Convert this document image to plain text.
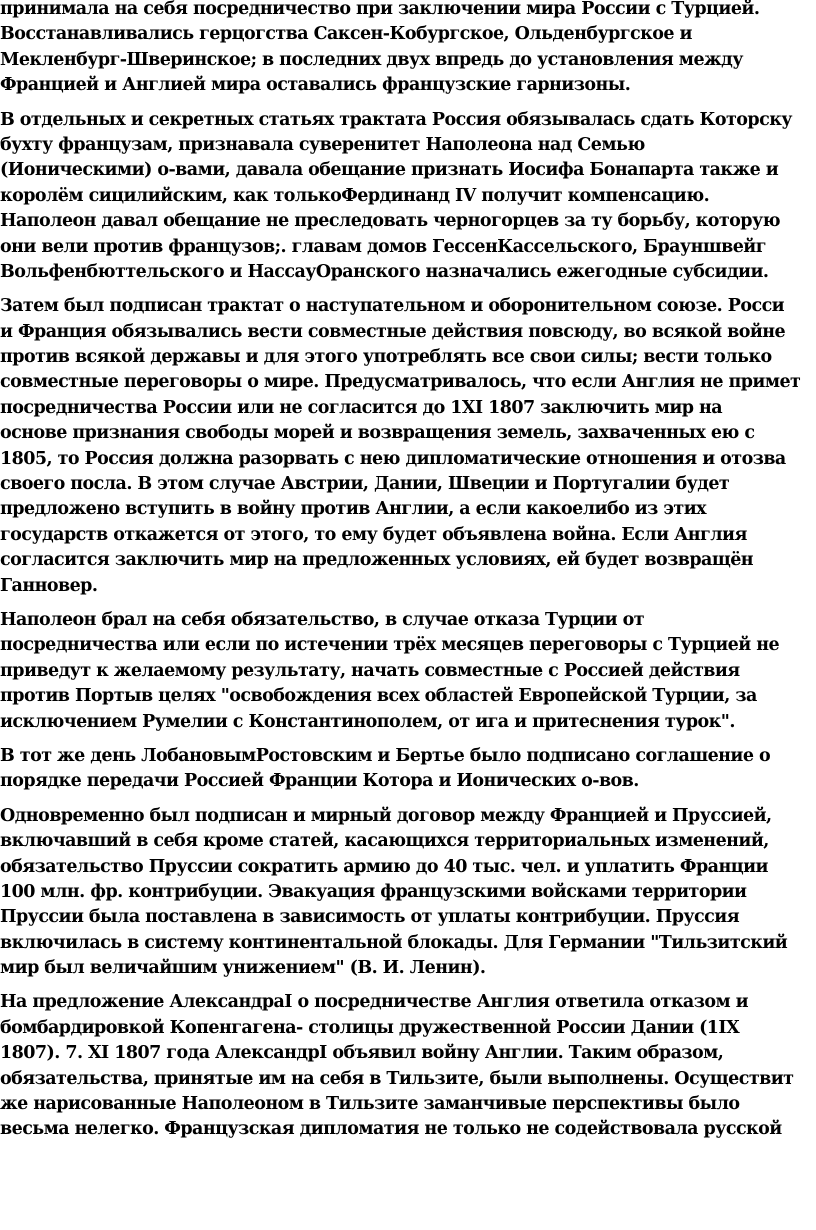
принимала на себя посредничество при заключении мира России с Турцией.
Восстанавливались герцогства Саксен-Кобургское, Ольденбургское и
Мекленбург-Шверинское; в последних двух впредь до установления между
Францией и Англией мира оставались французские гарнизоны.

В отдельных и секретных статьях трактата Россия обязывалась сдать Которску
бухту французам, признавала суверенитет Наполеона над Семью
(Ионическими) о-вами, давала обещание признать Иосифа Бонапарта также и
королём сицилийским, как толькоФердинанд IV получит компенсацию.
Наполеон давал обещание не преследовать черногорцев за ту борьбу, которую
они вели против французов;. главам домов ГессенКассельского, Брауншвейг
Вольфенбюттельского и НассауОранского назначались ежегодные субсидии.

Затем был подписан трактат о наступательном и оборонительном союзе. Росси
и Франция обязывались вести совместные действия повсюду, во всякой войне
против всякой державы и для этого употреблять все свои силы; вести только
совместные переговоры о мире. Предусматривалось, что если Англия не примет
посредничества России или не согласится до 1XI 1807 заключить мир на
основе признания свободы морей и возвращения земель, захваченных ею с
1805, то Россия должна разорвать с нею дипломатические отношения и отозва
своего посла. В этом случае Австрии, Дании, Швеции и Португалии будет
предложено вступить в войну против Англии, а если какоелибо из этих
государств откажется от этого, то ему будет объявлена война. Если Англия
согласится заключить мир на предложенных условиях, ей будет возвращён
Ганновер.

Наполеон брал на себя обязательство, в случае отказа Турции от
посредничества или если по истечении трёх месяцев переговоры с Турцией не
приведут к желаемому результату, начать совместные с Россией действия
против Портыв целях "освобождения всех областей Европейской Турции, за
исключением Румелии с Константинополем, от ига и притеснения турок".

В тот же день ЛобановымРостовским и Бертье было подписано соглашение о
порядке передачи Россией Франции Котора и Ионических о-вов.

Одновременно был подписан и мирный договор между Францией и Пруссией,
включавший в себя кроме статей, касающихся территориальных изменений,
обязательство Пруссии сократить армию до 40 тыс. чел. и уплатить Франции
100 млн. фр. контрибуции. Эвакуация французскими войсками территории
Пруссии была поставлена в зависимость от уплаты контрибуции. Пруссия
включилась в систему континентальной блокады. Для Германии "Тильзитский
мир был величайшим унижением" (В. И. Ленин).

На предложение АлександраI о посредничестве Англия ответила отказом и
бомбардировкой Копенгагена- столицы дружественной России Дании (1IX
1807). 7. XI 1807 года АлександрI объявил войну Англии. Таким образом,
обязательства, принятые им на себя в Тильзите, были выполнены. Осуществит
же нарисованные Наполеоном в Тильзите заманчивые перспективы было
весьма нелегко. Французская дипломатия не только не содействовала русской
